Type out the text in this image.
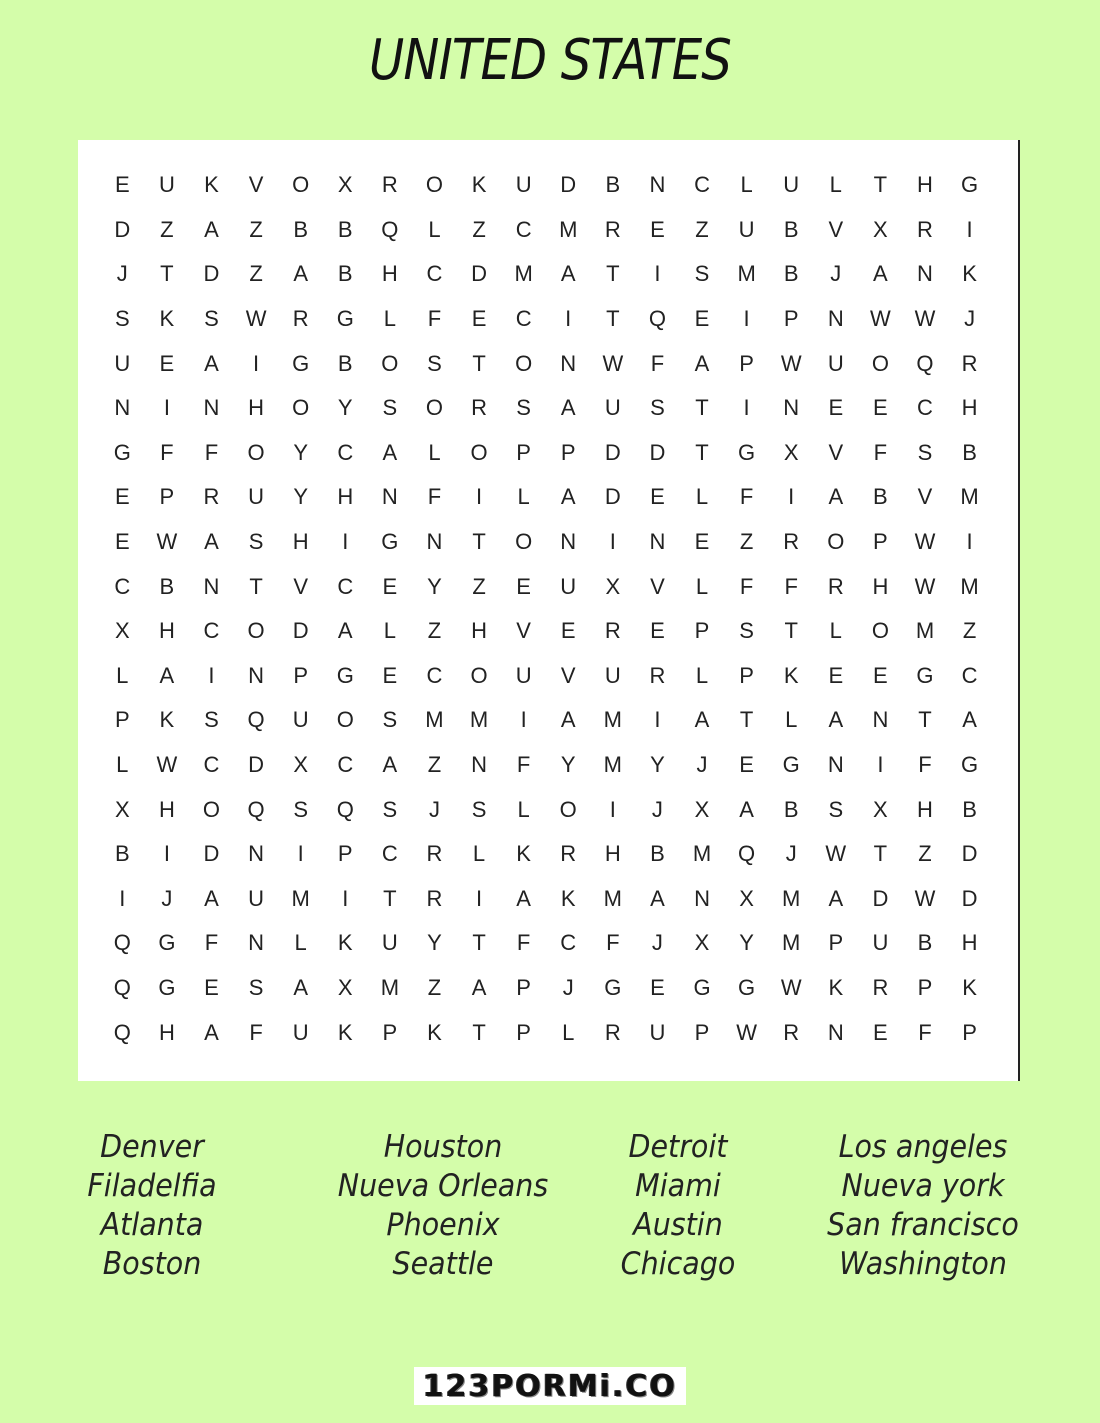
UNITED STATES
E	U	K	V	O	X	R	O	K	U	D	B	N	C	L	U	L	T	H	G
D	Z	A	Z	B	B	Q	L	Z	C	M	R	E	Z	U	B	V	X	R	I
J	T	D	Z	A	B	H	C	D	M	A	T	I	S	M	B	J	A	N	K
S	K	S	W	R	G	L	F	E	C	I	T	Q	E	I	P	N	W	W	J
U	E	A	I	G	B	O	S	T	O	N	W	F	A	P	W	U	O	Q	R
N	I	N	H	O	Y	S	O	R	S	A	U	S	T	I	N	E	E	C	H
G	F	F	O	Y	C	A	L	O	P	P	D	D	T	G	X	V	F	S	B
E	P	R	U	Y	H	N	F	I	L	A	D	E	L	F	I	A	B	V	M
E	W	A	S	H	I	G	N	T	O	N	I	N	E	Z	R	O	P	W	I
C	B	N	T	V	C	E	Y	Z	E	U	X	V	L	F	F	R	H	W	M
X	H	C	O	D	A	L	Z	H	V	E	R	E	P	S	T	L	O	M	Z
L	A	I	N	P	G	E	C	O	U	V	U	R	L	P	K	E	E	G	C
P	K	S	Q	U	O	S	M	M	I	A	M	I	A	T	L	A	N	T	A
L	W	C	D	X	C	A	Z	N	F	Y	M	Y	J	E	G	N	I	F	G
X	H	O	Q	S	Q	S	J	S	L	O	I	J	X	A	B	S	X	H	B
B	I	D	N	I	P	C	R	L	K	R	H	B	M	Q	J	W	T	Z	D
I	J	A	U	M	I	T	R	I	A	K	M	A	N	X	M	A	D	W	D
Q	G	F	N	L	K	U	Y	T	F	C	F	J	X	Y	M	P	U	B	H
Q	G	E	S	A	X	M	Z	A	P	J	G	E	G	G	W	K	R	P	K
Q	H	A	F	U	K	P	K	T	P	L	R	U	P	W	R	N	E	F	P
Denver
Filadelfia
Atlanta
Boston
Houston
Nueva Orleans
Phoenix
Seattle
Detroit
Miami
Austin
Chicago
Los angeles
Nueva york
San francisco
Washington
123PORMi.CO
